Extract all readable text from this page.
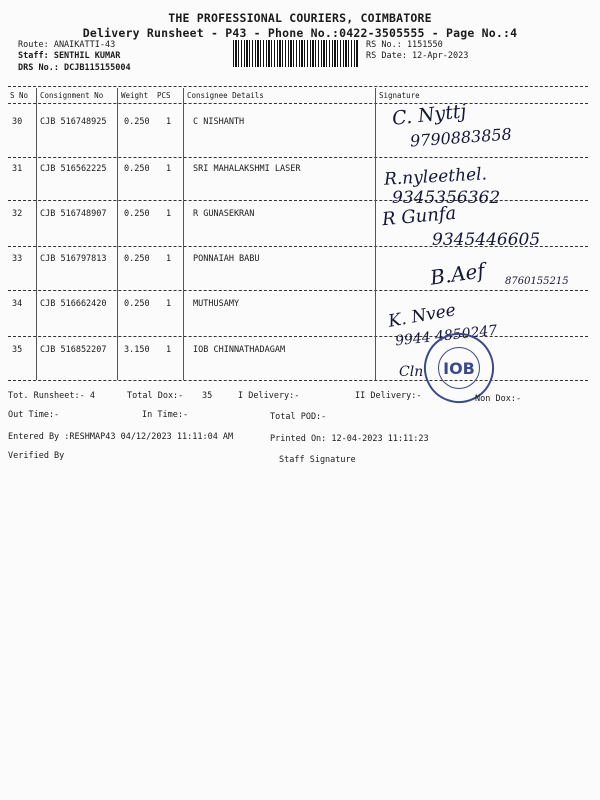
THE PROFESSIONAL COURIERS, COIMBATORE
Delivery Runsheet - P43 - Phone No.:0422-3505555 - Page No.:4
Route: ANAIKATTI-43
Staff: SENTHIL KUMAR
DRS No.: DCJB115155004
RS No.: 1151550
RS Date: 12-Apr-2023
S No Consignment No Weight PCS Consignee Details	Signature
30 CJB 516748925 0.250 1	C NISHANTH	C. Nyttj
9790883858
31 CJB 516562225 0.250 1	SRI MAHALAKSHMI LASER	R.nyleethel.
9345356362
32 CJB 516748907 0.250 1	R GUNASEKRAN	R Gunfa
9345446605
33 CJB 516797813 0.250 1	PONNAIAH BABU	B.Aef 8760155215
34 CJB 516662420 0.250 1	MUTHUSAMY	K. Nvee
9944 4850247
35 CJB 516852207 3.150 1	IOB CHINNATHADAGAM
Cln	IOB
Tot. Runsheet:- 4	Total Dox:- 35	I Delivery:-	II Delivery:-	Non Dox:-
Out Time:-	In Time:-	Total POD:-
Entered By :RESHMAP43 04/12/2023 11:11:04 AM	Printed On: 12-04-2023 11:11:23
Verified By	Staff Signature
